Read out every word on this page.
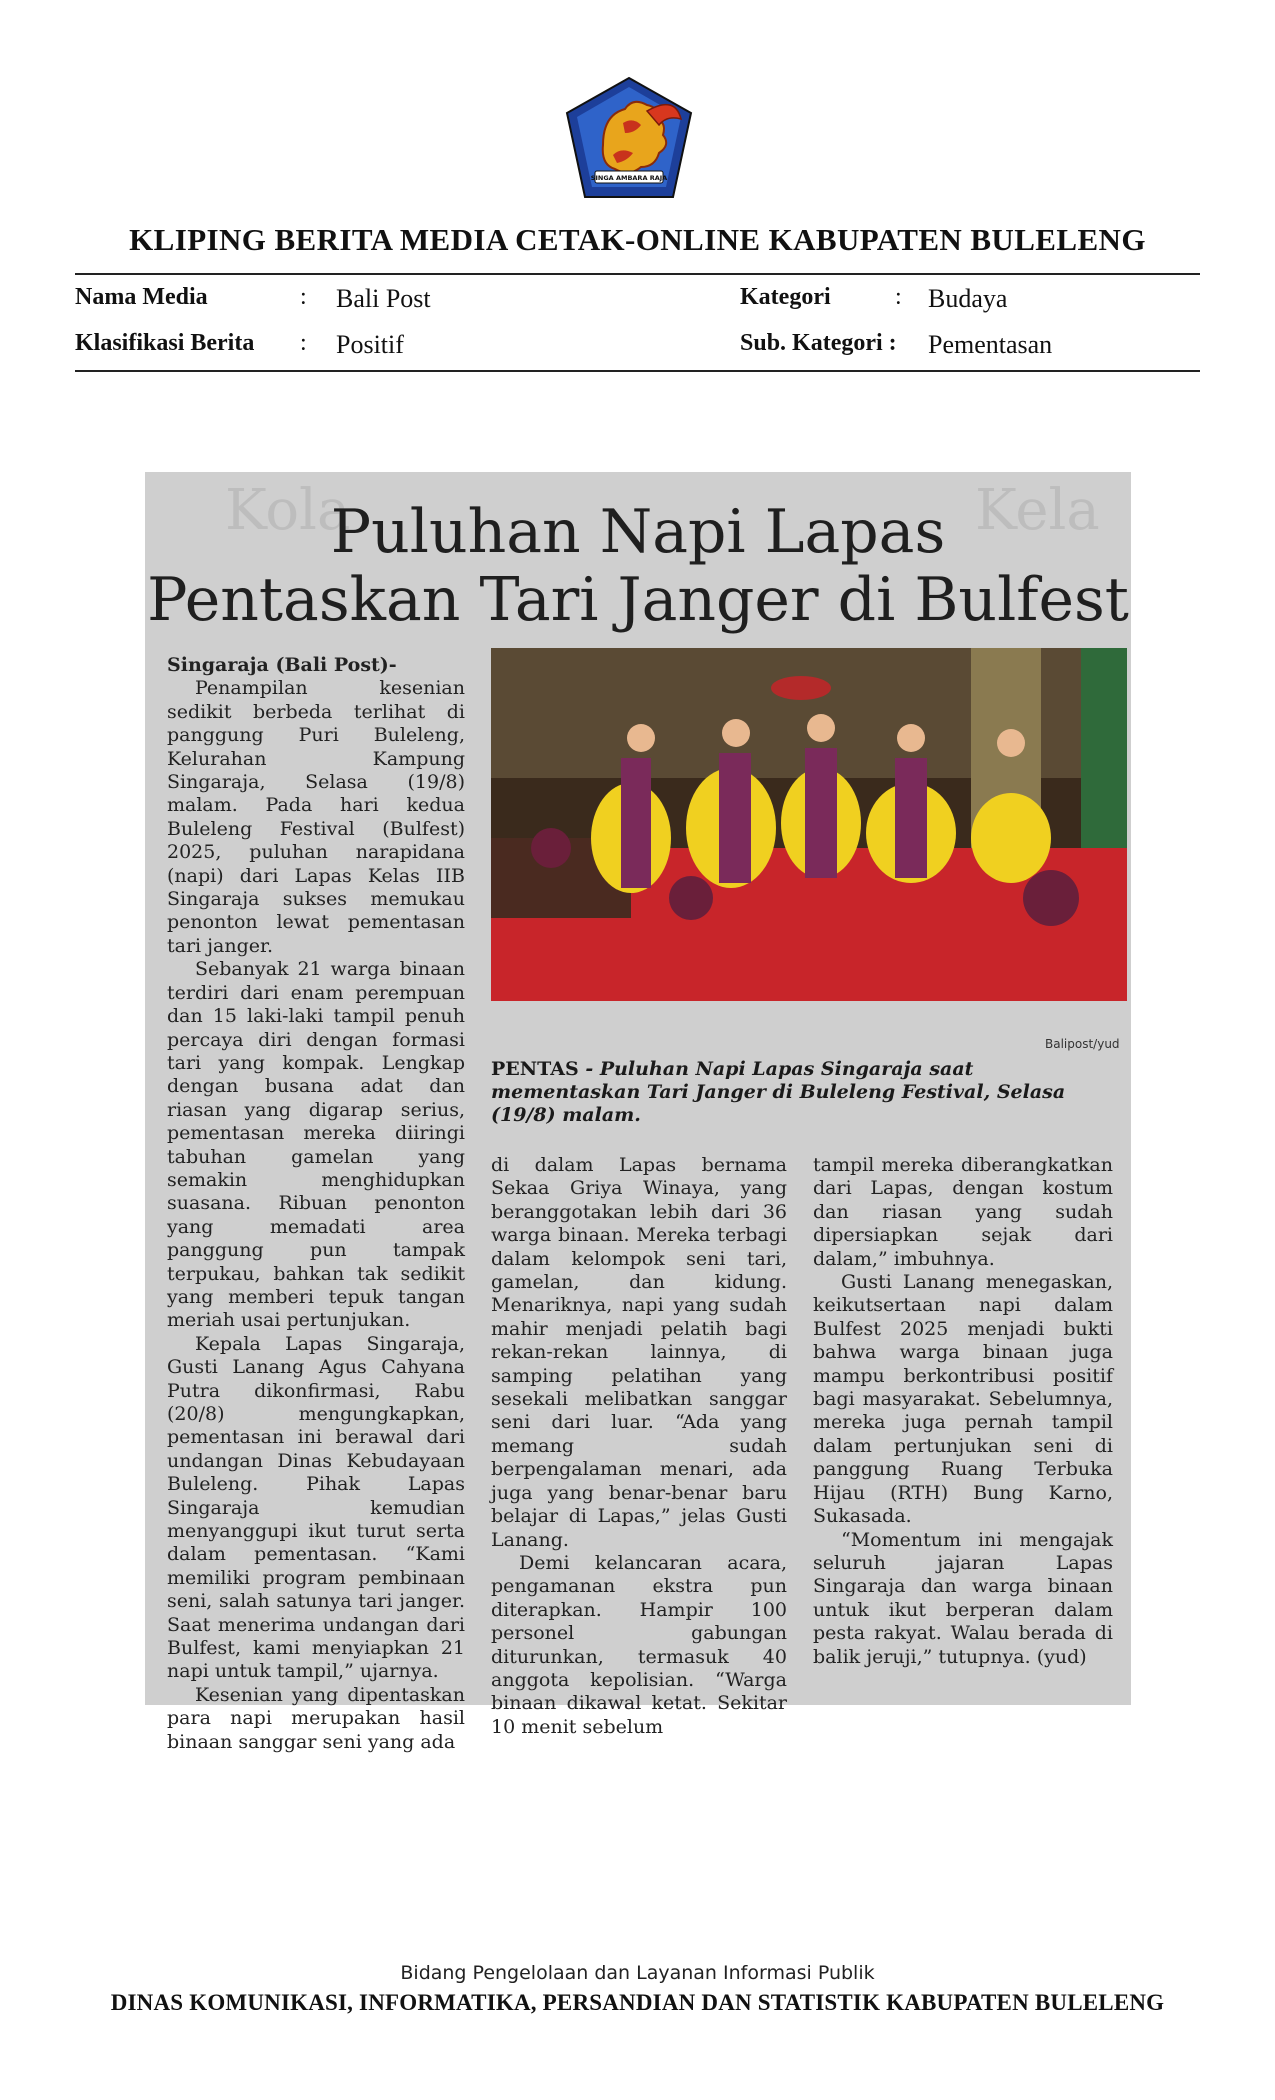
SINGA AMBARA RAJA
KLIPING BERITA MEDIA CETAK-ONLINE KABUPATEN BULELENG
Nama Media	: Bali Post
Klasifikasi Berita : Positif
Kategori	: Budaya
Sub. Kategori : Pementasan
Kola	Kela
Puluhan Napi Lapas
Pentaskan Tari Janger di Bulfest

Singaraja (Bali Post)-

Penampilan kesenian sedikit berbeda terlihat di panggung Puri Buleleng, Kelurahan Kampung Singaraja, Selasa (19/8) malam. Pada hari kedua Buleleng Festival (Bulfest) 2025, puluhan narapidana (napi) dari Lapas Kelas IIB Singaraja sukses memukau penonton lewat pementasan tari janger.

Sebanyak 21 warga binaan terdiri dari enam perempuan dan 15 laki-laki tampil penuh percaya diri dengan formasi tari yang kompak. Lengkap dengan busana adat dan riasan yang digarap serius, pementasan mereka diiringi tabuhan gamelan yang semakin menghidupkan suasana. Ribuan penonton yang memadati area panggung pun tampak terpukau, bahkan tak sedikit yang memberi tepuk tangan meriah usai pertunjukan.

Kepala Lapas Singaraja, Gusti Lanang Agus Cahyana Putra dikonfirmasi, Rabu (20/8) mengungkapkan, pementasan ini berawal dari undangan Dinas Kebudayaan Buleleng. Pihak Lapas Singaraja kemudian menyanggupi ikut turut serta dalam pementasan. “Kami memiliki program pembinaan seni, salah satunya tari janger. Saat menerima undangan dari Bulfest, kami menyiapkan 21 napi untuk tampil,” ujarnya.

Kesenian yang dipentaskan para napi merupakan hasil binaan sanggar seni yang ada

Balipost/yud
PENTAS - Puluhan Napi Lapas Singaraja saat mementaskan Tari Janger di Buleleng Festival, Selasa (19/8) malam.

di dalam Lapas bernama Sekaa Griya Winaya, yang beranggotakan lebih dari 36 warga binaan. Mereka terbagi dalam kelompok seni tari, gamelan, dan kidung. Menariknya, napi yang sudah mahir menjadi pelatih bagi rekan-rekan lainnya, di samping pelatihan yang sesekali melibatkan sanggar seni dari luar. “Ada yang memang sudah berpengalaman menari, ada juga yang benar-benar baru belajar di Lapas,” jelas Gusti Lanang.

Demi kelancaran acara, pengamanan ekstra pun diterapkan. Hampir 100 personel gabungan diturunkan, termasuk 40 anggota kepolisian. “Warga binaan dikawal ketat. Sekitar 10 menit sebelum

tampil mereka diberangkatkan dari Lapas, dengan kostum dan riasan yang sudah dipersiapkan sejak dari dalam,” imbuhnya.

Gusti Lanang menegaskan, keikutsertaan napi dalam Bulfest 2025 menjadi bukti bahwa warga binaan juga mampu berkontribusi positif bagi masyarakat. Sebelumnya, mereka juga pernah tampil dalam pertunjukan seni di panggung Ruang Terbuka Hijau (RTH) Bung Karno, Sukasada.

“Momentum ini mengajak seluruh jajaran Lapas Singaraja dan warga binaan untuk ikut berperan dalam pesta rakyat. Walau berada di balik jeruji,” tutupnya. (yud)

Bidang Pengelolaan dan Layanan Informasi Publik
DINAS KOMUNIKASI, INFORMATIKA, PERSANDIAN DAN STATISTIK KABUPATEN BULELENG
